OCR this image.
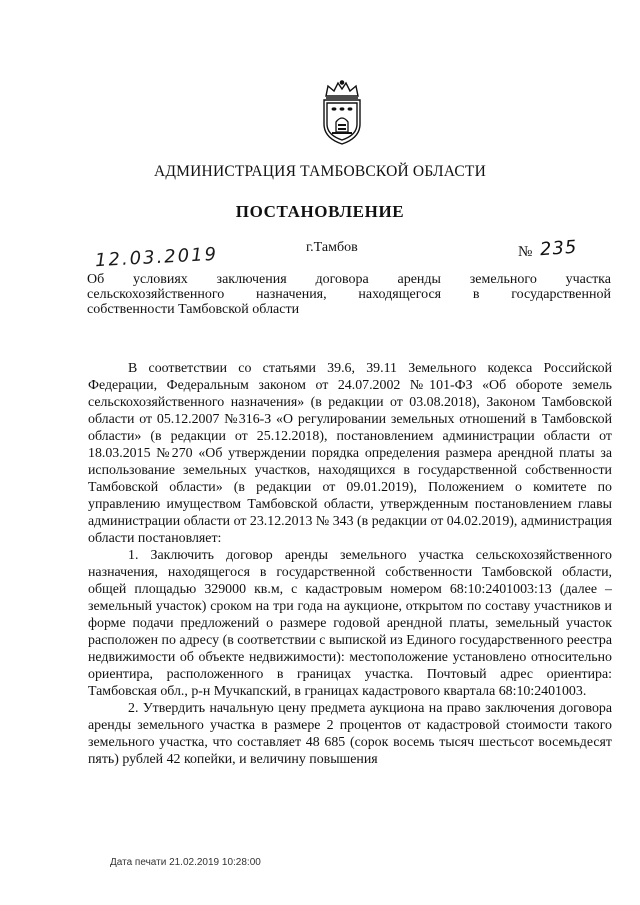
АДМИНИСТРАЦИЯ ТАМБОВСКОЙ ОБЛАСТИ
ПОСТАНОВЛЕНИЕ
12.03.2019	г.Тамбов	№ 235
Об условиях заключения договора аренды земельного участка
сельскохозяйственного назначения, находящегося в государственной
собственности Тамбовской области

В соответствии со статьями 39.6, 39.11 Земельного кодекса Российской Федерации, Федеральным законом от 24.07.2002 №101-ФЗ «Об обороте земель сельскохозяйственного назначения» (в редакции от 03.08.2018), Законом Тамбовской области от 05.12.2007 №316-З «О регулировании земельных отношений в Тамбовской области» (в редакции от 25.12.2018), постановлением администрации области от 18.03.2015 №270 «Об утверждении порядка определения размера арендной платы за использование земельных участков, находящихся в государственной собственности Тамбовской области» (в редакции от 09.01.2019), Положением о комитете по управлению имуществом Тамбовской области, утвержденным постановлением главы администрации области от 23.12.2013 № 343 (в редакции от 04.02.2019), администрация области постановляет:

1. Заключить договор аренды земельного участка сельскохозяйственного назначения, находящегося в государственной собственности Тамбовской области, общей площадью 329000 кв.м, с кадастровым номером 68:10:2401003:13 (далее – земельный участок) сроком на три года на аукционе, открытом по составу участников и форме подачи предложений о размере годовой арендной платы, земельный участок расположен по адресу (в соответствии с выпиской из Единого государственного реестра недвижимости об объекте недвижимости): местоположение установлено относительно ориентира, расположенного в границах участка. Почтовый адрес ориентира: Тамбовская обл., р-н Мучкапский, в границах кадастрового квартала 68:10:2401003.

2. Утвердить начальную цену предмета аукциона на право заключения договора аренды земельного участка в размере 2 процентов от кадастровой стоимости такого земельного участка, что составляет 48 685 (сорок восемь тысяч шестьсот восемьдесят пять) рублей 42 копейки, и величину повышения

Дата печати 21.02.2019 10:28:00
